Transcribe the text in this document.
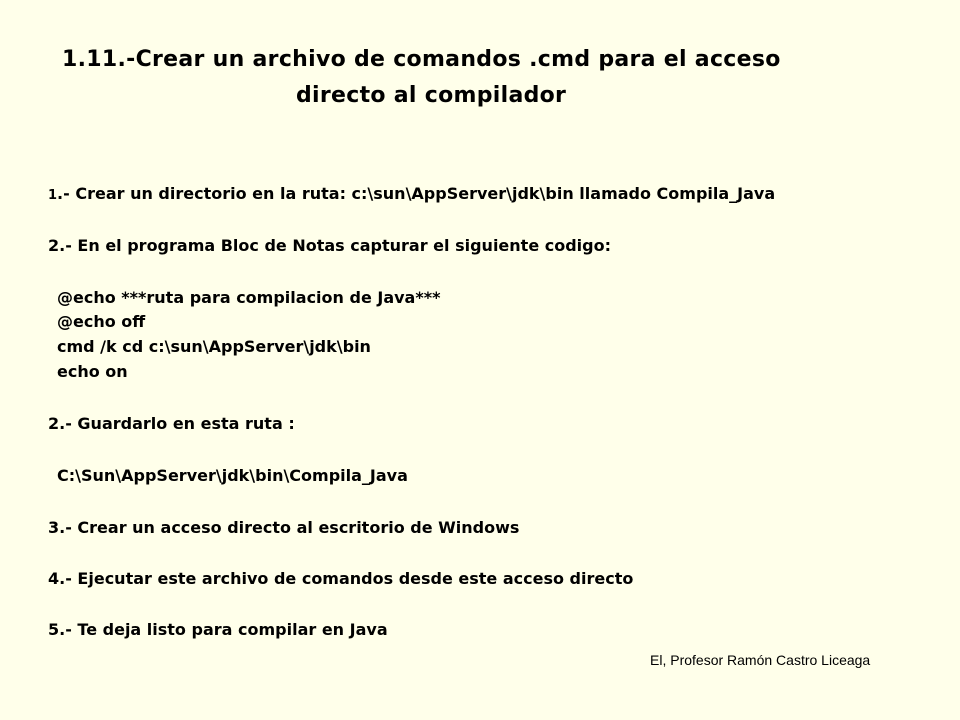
1.11.-Crear un archivo de comandos .cmd para el acceso
directo al compilador

1.- Crear un directorio en la ruta: c:\sun\AppServer\jdk\bin llamado Compila_Java

2.- En el programa Bloc de Notas capturar el siguiente codigo:

@echo ***ruta para compilacion de Java***

@echo off

cmd /k cd c:\sun\AppServer\jdk\bin

echo on

2.- Guardarlo en esta ruta :

C:\Sun\AppServer\jdk\bin\Compila_Java

3.- Crear un acceso directo al escritorio de Windows

4.- Ejecutar este archivo de comandos desde este acceso directo

5.- Te deja listo para compilar en Java

El, Profesor Ramón Castro Liceaga
